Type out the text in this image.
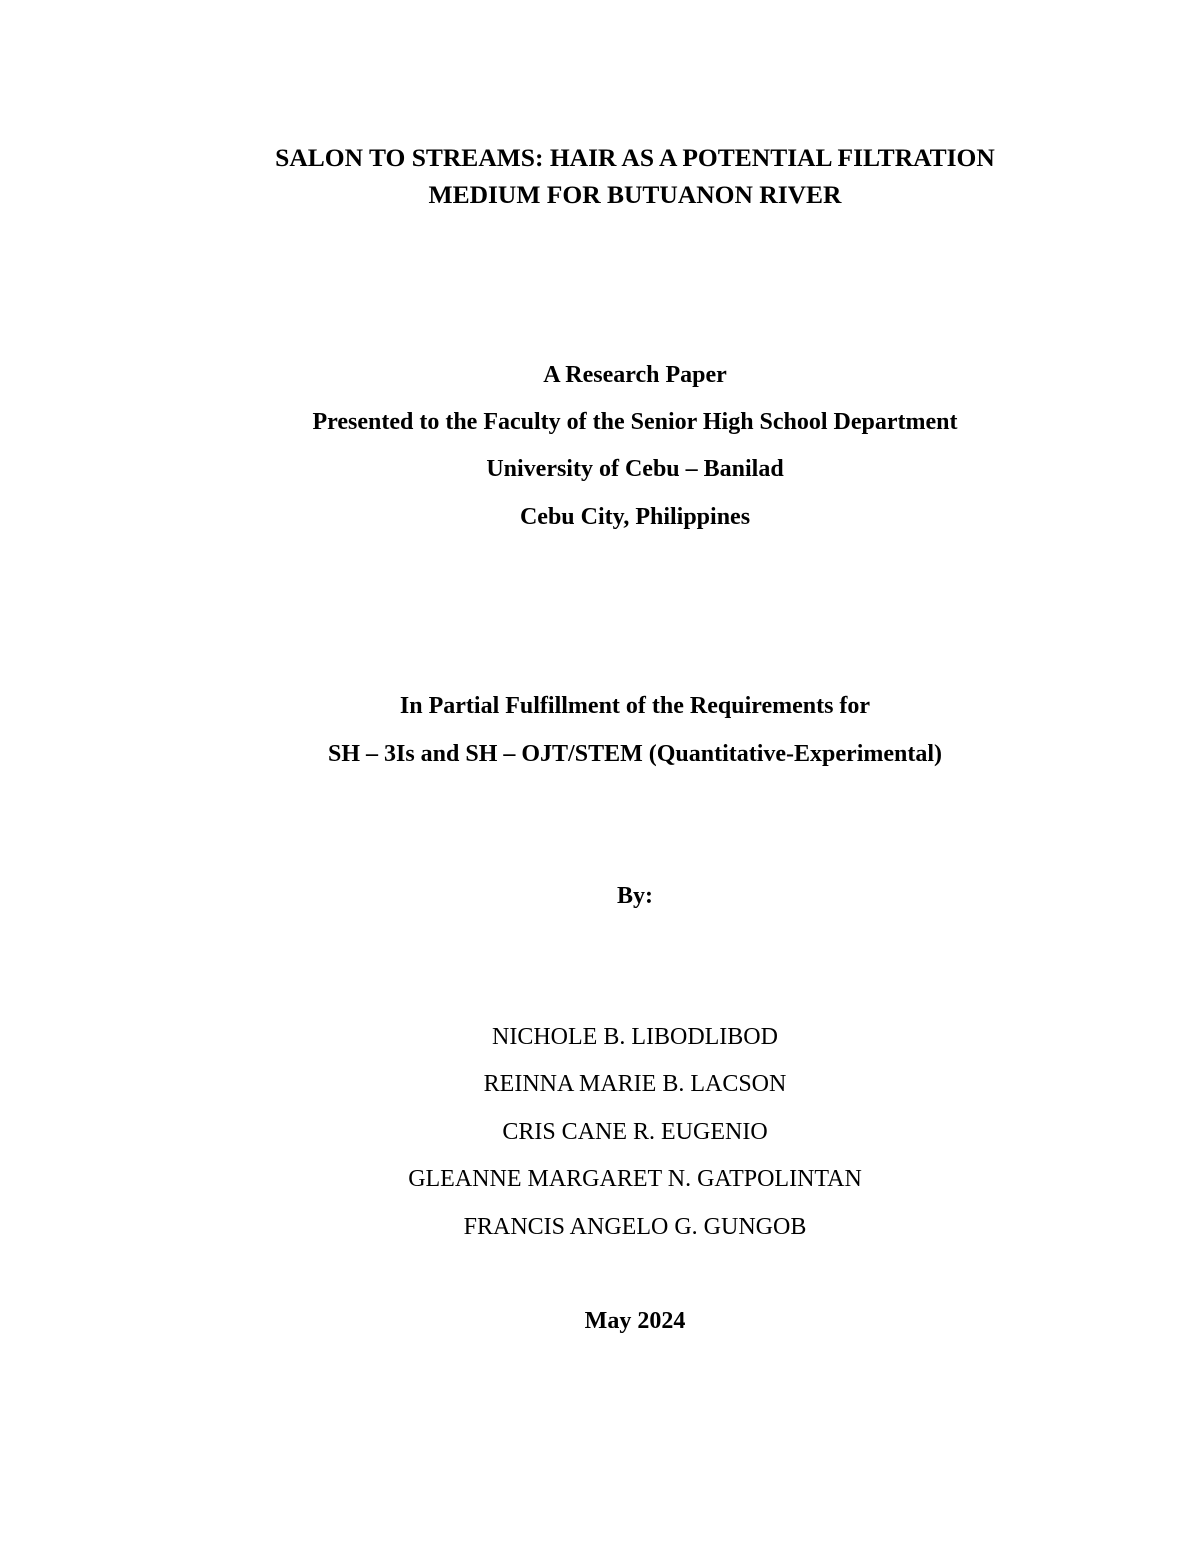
SALON TO STREAMS: HAIR AS A POTENTIAL FILTRATION
MEDIUM FOR BUTUANON RIVER
A Research Paper
Presented to the Faculty of the Senior High School Department
University of Cebu – Banilad
Cebu City, Philippines
In Partial Fulfillment of the Requirements for
SH – 3Is and SH – OJT/STEM (Quantitative-Experimental)
By:
NICHOLE B. LIBODLIBOD
REINNA MARIE B. LACSON
CRIS CANE R. EUGENIO
GLEANNE MARGARET N. GATPOLINTAN
FRANCIS ANGELO G. GUNGOB
May 2024
